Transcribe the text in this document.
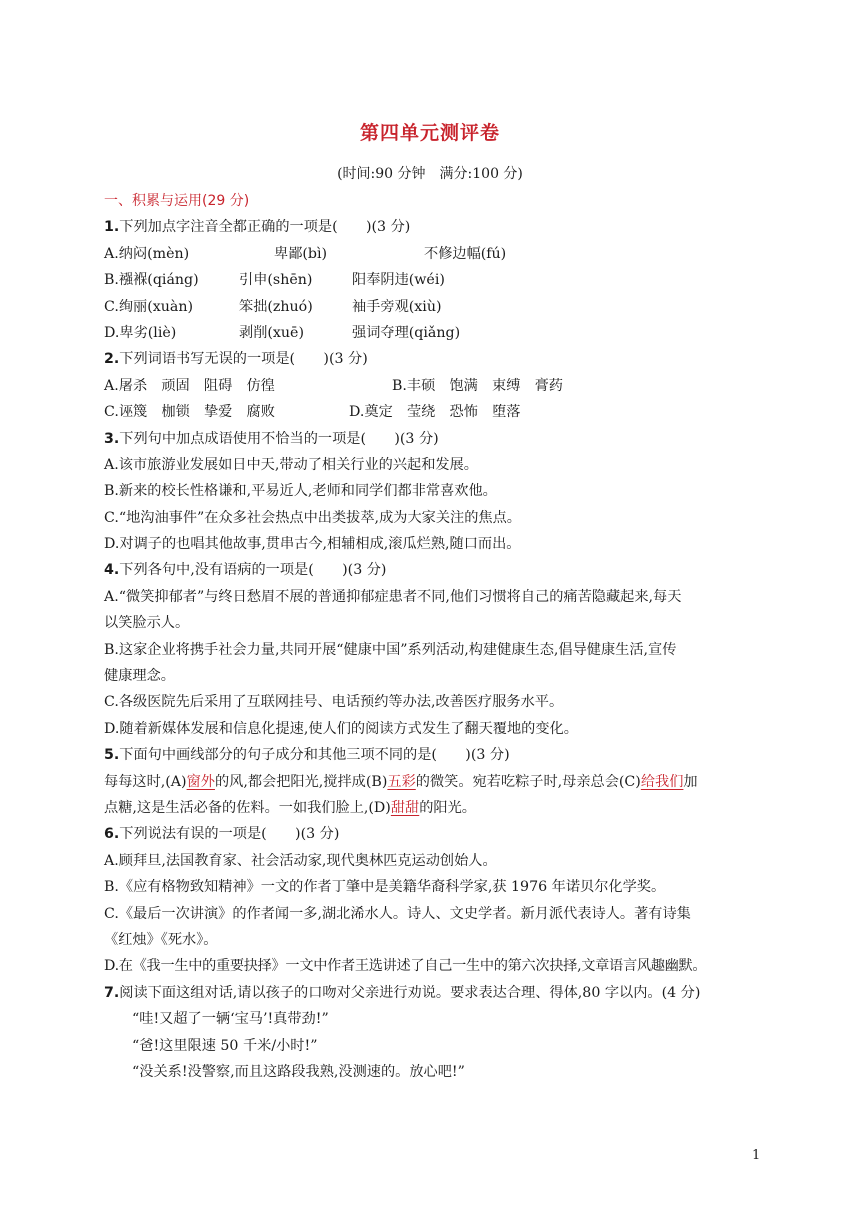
第四单元测评卷
(时间:90 分钟　满分:100 分)
一、积累与运用(29 分)
1.下列加点字注音全都正确的一项是(　　)(3 分)
A.纳闷(mèn)	卑鄙(bì)	不修边幅(fú)
B.襁褓(qiáng)	引申(shēn)	阳奉阴违(wéi)
C.绚丽(xuàn)	笨拙(zhuó)	袖手旁观(xiù)
D.卑劣(liè)	剥削(xuē)	强词夺理(qiǎng)
2.下列词语书写无误的一项是(　　)(3 分)
A.屠杀　顽固　阻碍　仿徨	B.丰硕　饱满　束缚　膏药
C.诬篾　枷锁　挚爱　腐败	D.奠定　莹绕　恐怖　堕落
3.下列句中加点成语使用不恰当的一项是(　　)(3 分)
A.该市旅游业发展如日中天,带动了相关行业的兴起和发展。
B.新来的校长性格谦和,平易近人,老师和同学们都非常喜欢他。
C.“地沟油事件”在众多社会热点中出类拔萃,成为大家关注的焦点。
D.对调子的也唱其他故事,贯串古今,相辅相成,滚瓜烂熟,随口而出。
4.下列各句中,没有语病的一项是(　　)(3 分)
A.“微笑抑郁者”与终日愁眉不展的普通抑郁症患者不同,他们习惯将自己的痛苦隐藏起来,每天
以笑脸示人。
B.这家企业将携手社会力量,共同开展“健康中国”系列活动,构建健康生态,倡导健康生活,宣传
健康理念。
C.各级医院先后采用了互联网挂号、电话预约等办法,改善医疗服务水平。
D.随着新媒体发展和信息化提速,使人们的阅读方式发生了翻天覆地的变化。
5.下面句中画线部分的句子成分和其他三项不同的是(　　)(3 分)
每每这时,(A)窗外的风,都会把阳光,搅拌成(B)五彩的微笑。宛若吃粽子时,母亲总会(C)给我们加
点糖,这是生活必备的佐料。一如我们脸上,(D)甜甜的阳光。
6.下列说法有误的一项是(　　)(3 分)
A.顾拜旦,法国教育家、社会活动家,现代奥林匹克运动创始人。
B.《应有格物致知精神》一文的作者丁肇中是美籍华裔科学家,获 1976 年诺贝尔化学奖。
C.《最后一次讲演》的作者闻一多,湖北浠水人。诗人、文史学者。新月派代表诗人。著有诗集
《红烛》《死水》。
D.在《我一生中的重要抉择》一文中作者王选讲述了自己一生中的第六次抉择,文章语言风趣幽默。
7.阅读下面这组对话,请以孩子的口吻对父亲进行劝说。要求表达合理、得体,80 字以内。(4 分)
“哇!又超了一辆‘宝马’!真带劲!”
“爸!这里限速 50 千米/小时!”
“没关系!没警察,而且这路段我熟,没测速的。放心吧!”
1
